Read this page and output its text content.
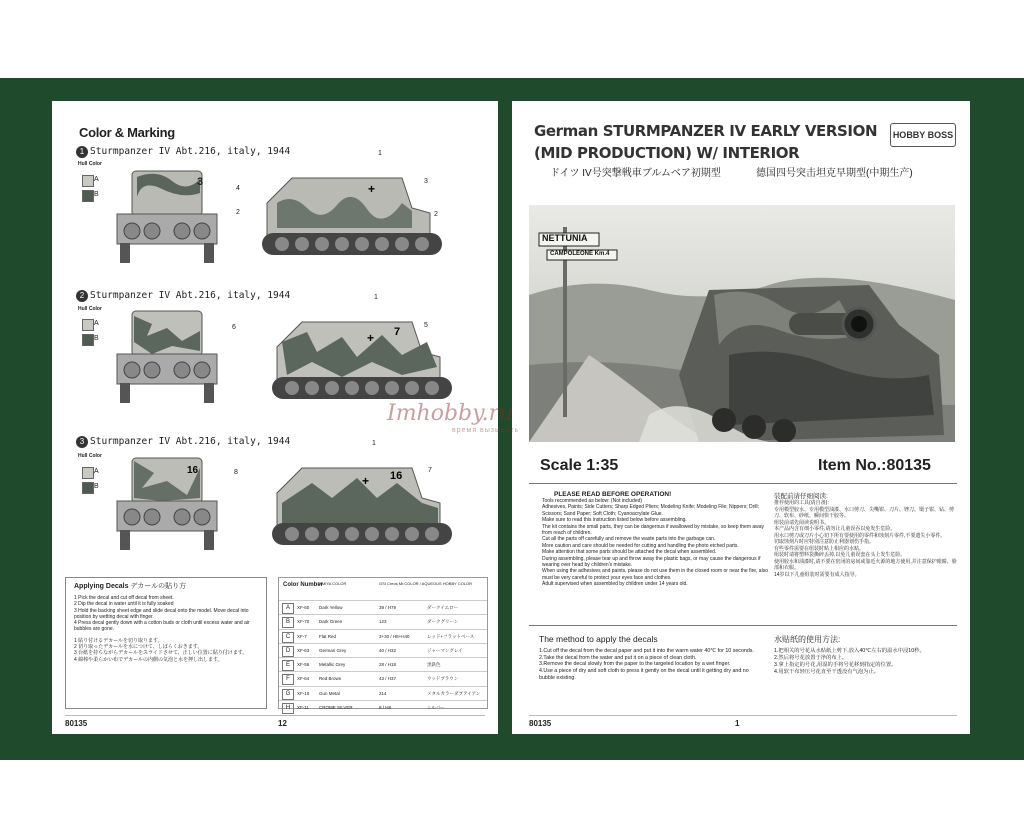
Color & Marking
1 Sturmpanzer IV Abt.216, italy, 1944
Hull Color
A
B
3	+
4
2
1
3
2
2 Sturmpanzer IV Abt.216, italy, 1944
Hull Color
A
B	+ 7
6
1
5
3 Sturmpanzer IV Abt.216, italy, 1944
Hull Color
A
B
16
+ 16
8
1
7
Applying Decals デカールの貼り方
1 Pick the decal and cut off decal from sheet.
2 Dip the decal in water until it is fully soaked
3 Hold the backing sheet edge and slide decal onto the model. Move decal into position by wetting decal with finger.
4 Press decal gently down with a cotton buds or cloth until excess water and air bubbles are gone.
1 貼り付けるデカールを切り取ります。
2 切り取ったデカールを水につけて、しばらくおきます。
3 台紙を持ちながらデカールをスライドさせて、正しい位置に貼り付けます。
4 綿棒や柔らかい布でデカールの内側の気泡と水を押し出します。
Color Number
TAMIYA COLOR	GSI Creos Mr.COLOR / AQUEOUS HOBBY COLOR
A	XF-60 Dark Yellow	39 / H79	ダークイエロー
B	XF-70 Dark Green	123	ダークグリーン
C	XF-7	Flat Red	3+30 / H8+H40	レッド+フラットベース
D	XF-63 German Grey	40 / H32	ジャーマングレイ
E	XF-56 Metallic Grey	28 / H18	黒鉄色
F	XF-64 Red Brown	43 / H37	ウッドブラウン
G	XF-10 Gun Metal	214	メタルカラーダブアイアン
H	XF-11 CROME SILVER	8 / H8	シルバー
80135	12
German STURMPANZER IV EARLY VERSION
(MID PRODUCTION) W/ INTERIOR
ドイツ IV号突撃戦車ブルムベア初期型	德国四号突击坦克早期型(中期生产)
HOBBY BOSS
NETTUNIA
CAMPOLEONE Km.4
Imhobby.ru
время вызывать
Scale 1:35	Item No.:80135
PLEASE READ BEFORE OPERATION!
Tools recommended as below: (Not included)
Adhesives, Paints; Side Cutters; Sharp Edged Pliers; Modeling Knife; Modeling File; Nippers; Drill; Scissors; Sand Paper; Soft Cloth; Cyanoacrylate Glue.
Make sure to read this instruction listed below before assembling.
The kit contains the small parts, they can be dangerous if swallowed by mistake, so keep them away from reach of children.
Cut all the parts off carefully and remove the waste parts into the garbage can.
More caution and care should be needed for cutting and handling the photo etched parts.
Make attention that some parts should be attached the decal when assembled.
During assembling, please tear up and throw away the plastic bags, or may cause the dangerous if wearing over head by children's mistake.
When using the adhesives and paints, please do not use them in the closed room or near the fire, also must be very careful to protect your eyes face and clothes.
Adult supervised when assembled by children under 14 years old.
装配前请仔细阅读:
推荐使用的工具(请自备):
专用模型胶水、专用模型油漆、水口剪刀、尖嘴钳、刀片、锉刀、镊子钳、钻、剪刀、软布、砂纸、瞬间快干胶等。
组装前请先阅读说明书。
本产品内含有细小零件,请勿让儿童误吞以免发生危险。
用水口剪刀或刀片小心切下所有要使用的零件和蚀刻片零件,不要遗失小零件。
切取蚀刻片时应特别注意防止利器划伤手指。
有些零件需要在组装时贴上相应的水贴。
组装时请将塑料袋撕碎丢掉,以免儿童误套在头上发生危险。
使用胶水和油漆时,请不要在密闭的房间或靠近火源的地方使用,并注意保护眼睛、脸部和衣服。
14岁以下儿童组装时需要有成人指导。
The method to apply the decals
1.Cut off the decal from the decal paper and put it into the warm water 40℃ for 10 seconds.
2.Take the decal from the water and put it on a piece of clean cloth.
3.Remove the decal slowly from the paper to the targeted location by a wet finger.
4.Use a piece of dry and soft cloth to press it gently on the decal until it getting dry and no bubble existing.
水贴纸的使用方法:
1.把相关的号花从水贴纸上剪下,放入40℃左右的温水中浸10秒。
2.然后将号花放置于净的布上。
3.拿上指定的号花,用湿的手将号花移到指定的位置。
4.用软干布轻压号花直至干透没有气泡为止。
80135	1
